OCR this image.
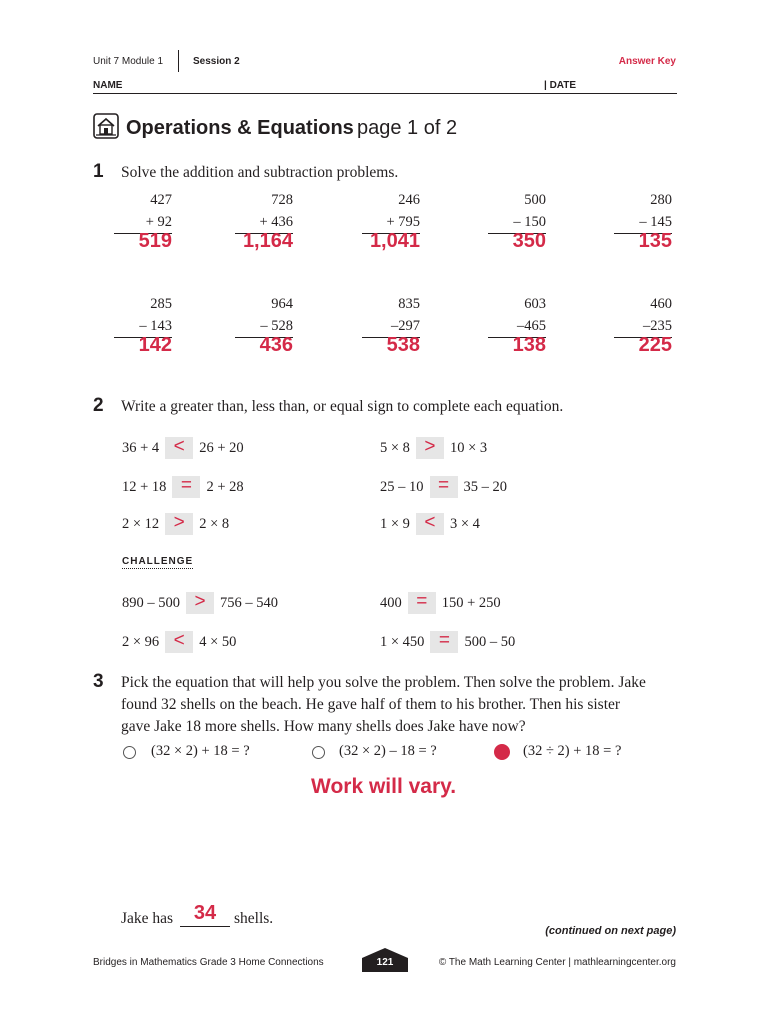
Unit 7 Module 1	Session 2	Answer Key
NAME	| DATE
Operations & Equations page 1 of 2
1 Solve the addition and subtraction problems.
427
+ 92
519
728
+ 436
1,164
246
+ 795
1,041
500
– 150
350
280
– 145
135
285
– 143
142
964
– 528
436
835
–297
538
603
–465
138
460
–235
225
2 Write a greater than, less than, or equal sign to complete each equation.
36 + 4 < 26 + 20
12 + 18 = 2 + 28
2 × 12 > 2 × 8
5 × 8 > 10 × 3
25 – 10 = 35 – 20
1 × 9 < 3 × 4
890 – 500 > 756 – 540
2 × 96 < 4 × 50
400 = 150 + 250
1 × 450 = 500 – 50
CHALLENGE
3 Pick the equation that will help you solve the problem. Then solve the problem. Jake
found 32 shells on the beach. He gave half of them to his brother. Then his sister
gave Jake 18 more shells. How many shells does Jake have now?
(32 × 2) + 18 = ?	(32 × 2) – 18 = ?	(32 ÷ 2) + 18 = ?
Work will vary.
Jake has	34	shells.
(continued on next page)
Bridges in Mathematics Grade 3 Home Connections	121	© The Math Learning Center | mathlearningcenter.org
